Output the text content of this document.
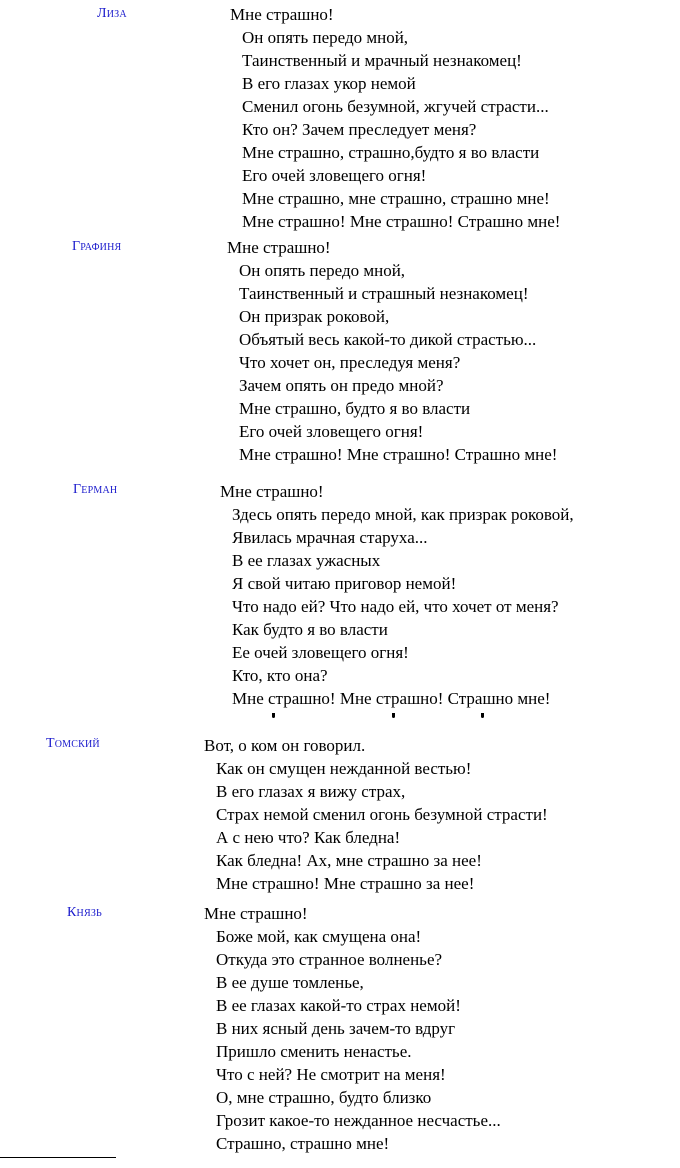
Лиза	Мне страшно!
Он опять передо мной,
Таинственный и мрачный незнакомец!
В его глазах укор немой
Сменил огонь безумной, жгучей страсти...
Кто он? Зачем преследует меня?
Мне страшно, страшно,будто я во власти
Его очей зловещего огня!
Мне страшно, мне страшно, страшно мне!
Мне страшно! Мне страшно! Страшно мне!
Графиня	Мне страшно!
Он опять передо мной,
Таинственный и страшный незнакомец!
Он призрак роковой,
Объятый весь какой-то дикой страстью...
Что хочет он, преследуя меня?
Зачем опять он предо мной?
Мне страшно, будто я во власти
Его очей зловещего огня!
Мне страшно! Мне страшно! Страшно мне!
Герман	Мне страшно!
Здесь опять передо мной, как призрак роковой,
Явилась мрачная старуха...
В ее глазах ужасных
Я свой читаю приговор немой!
Что надо ей? Что надо ей, что хочет от меня?
Как будто я во власти
Ее очей зловещего огня!
Кто, кто она?
Мне страшно! Мне страшно! Страшно мне!
Томский	Вот, о ком он говорил.
Как он смущен нежданной вестью!
В его глазах я вижу страх,
Страх немой сменил огонь безумной страсти!
А с нею что? Как бледна!
Как бледна! Ах, мне страшно за нее!
Мне страшно! Мне страшно за нее!
Князь	Мне страшно!
Боже мой, как смущена она!
Откуда это странное волненье?
В ее душе томленье,
В ее глазах какой-то страх немой!
В них ясный день зачем-то вдруг
Пришло сменить ненастье.
Что с ней? Не смотрит на меня!
О, мне страшно, будто близко
Грозит какое-то нежданное несчастье...
Страшно, страшно мне!
